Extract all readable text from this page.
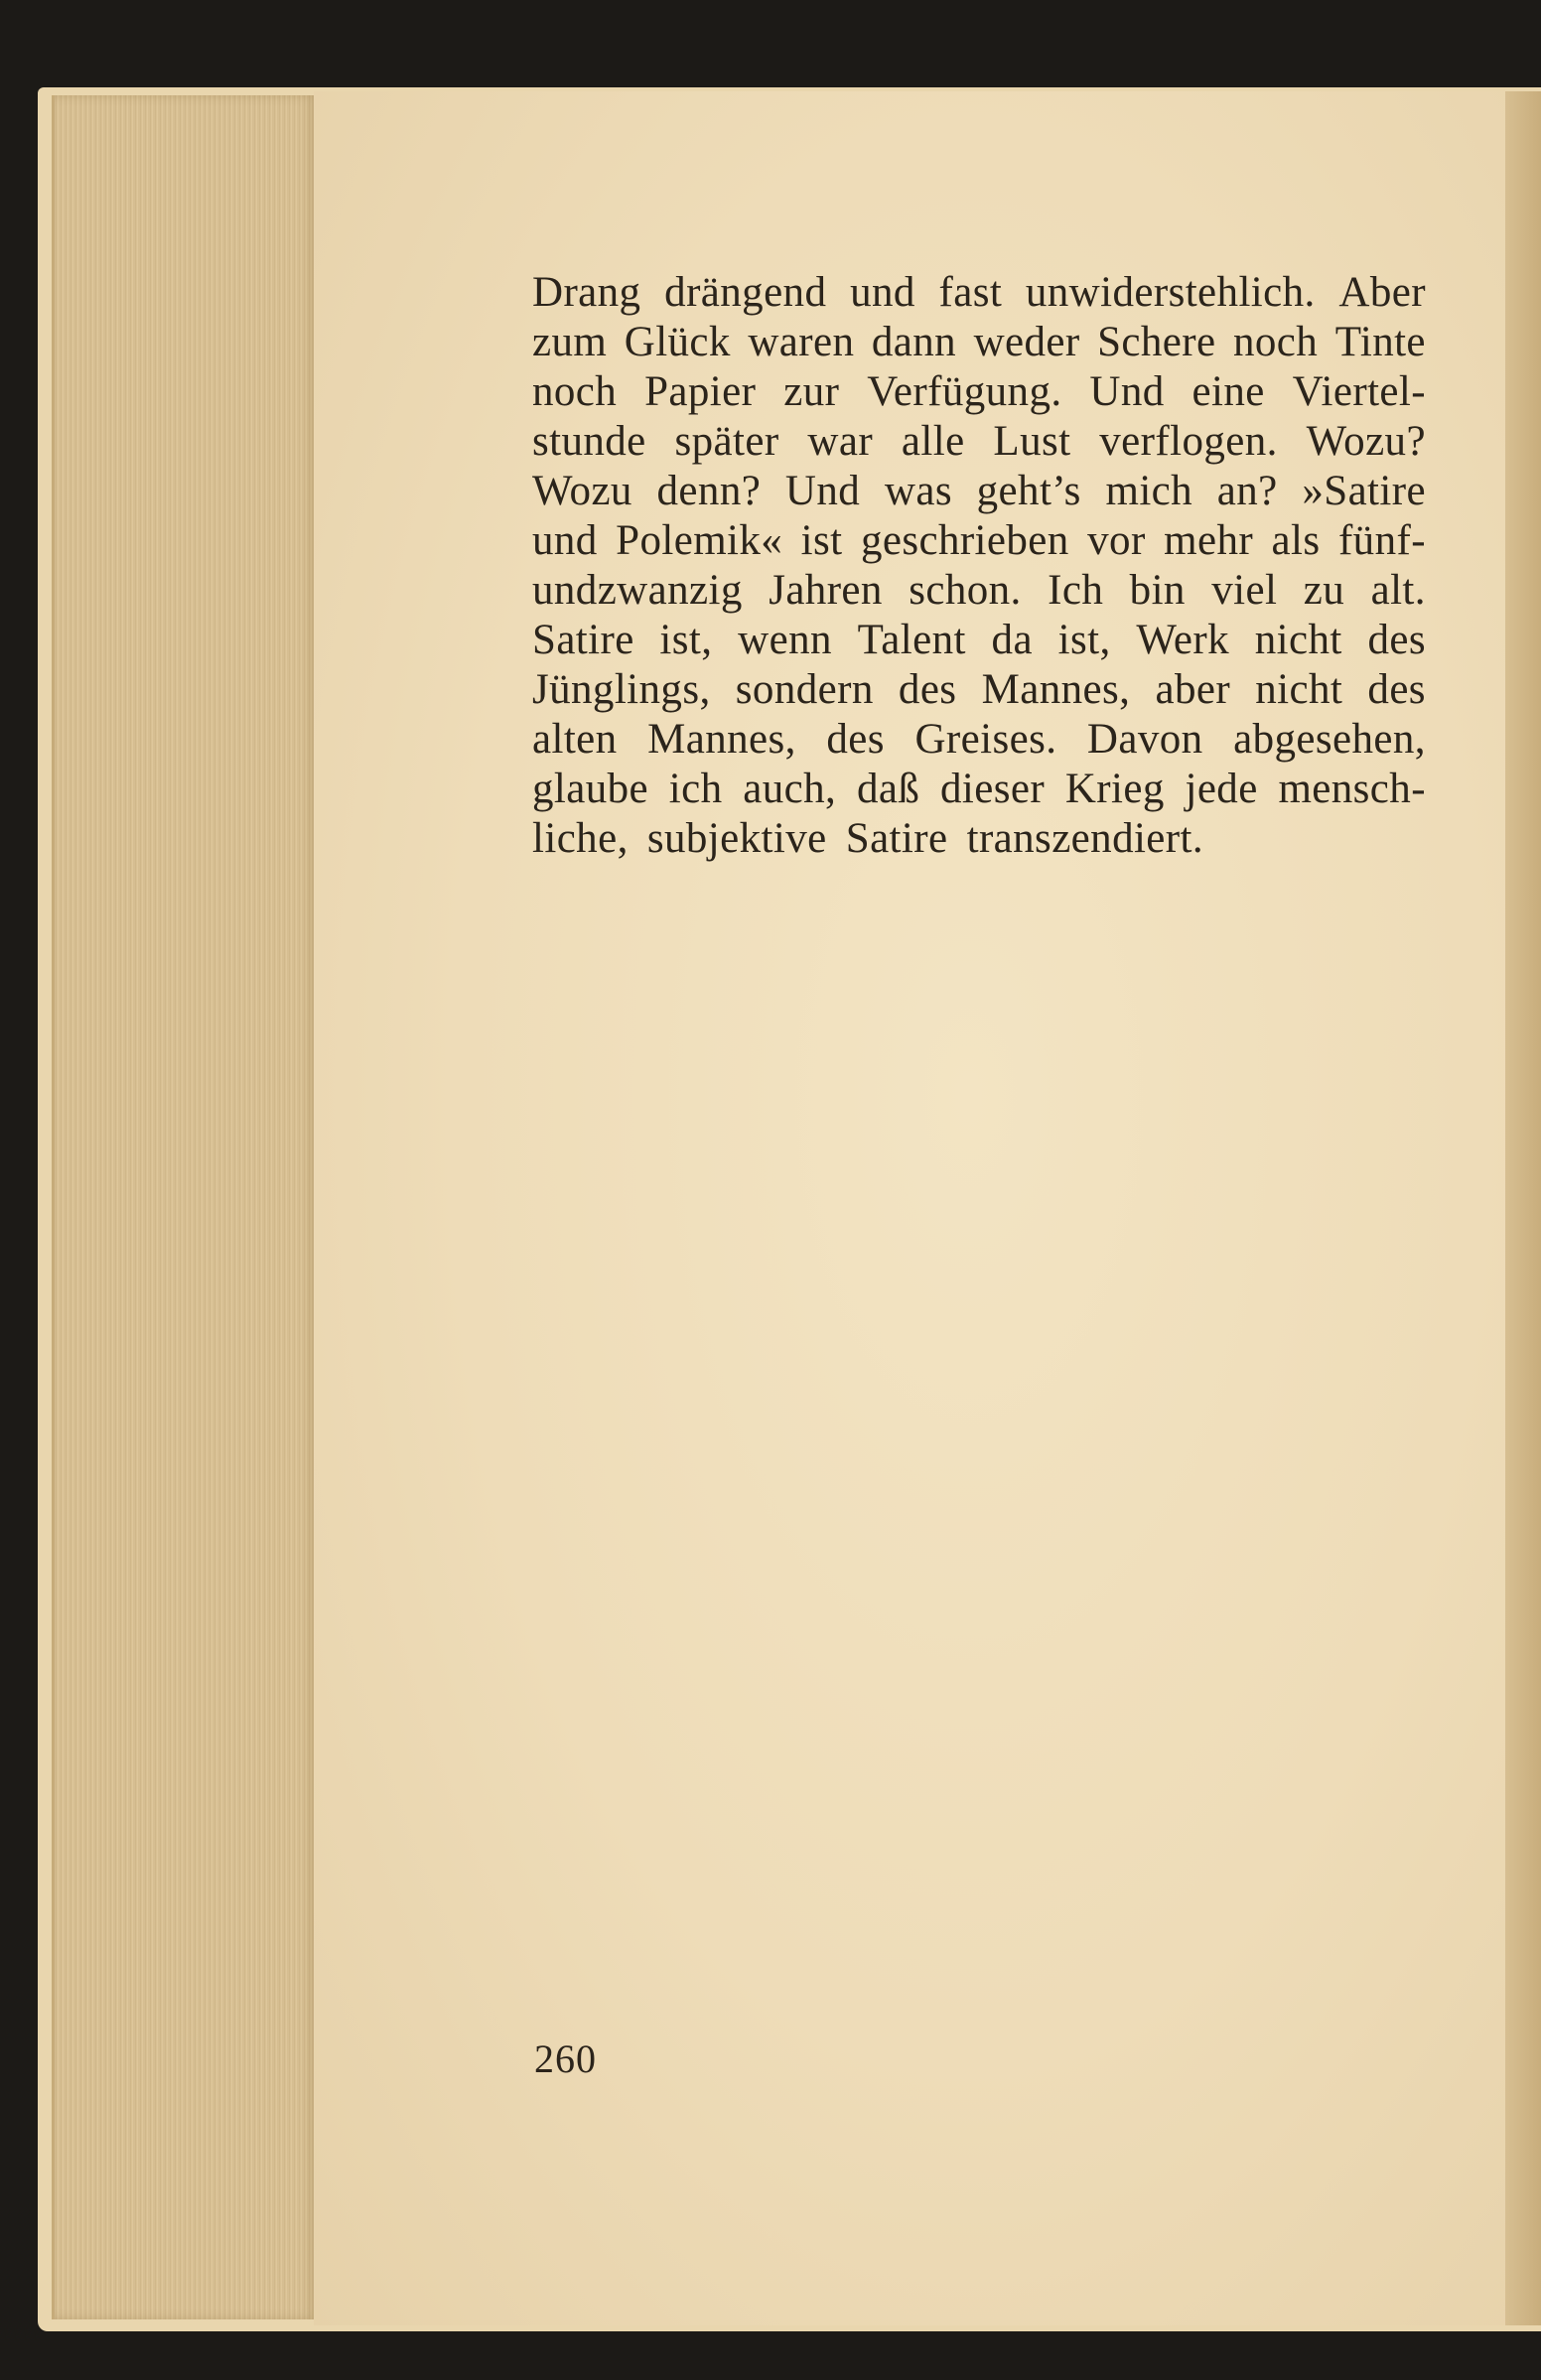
Drang drängend und fast unwiderstehlich. Aber
zum Glück waren dann weder Schere noch Tinte
noch Papier zur Verfügung. Und eine Viertel-
stunde später war alle Lust verflogen. Wozu?
Wozu denn? Und was geht’s mich an? »Satire
und Polemik« ist geschrieben vor mehr als fünf-
undzwanzig Jahren schon. Ich bin viel zu alt.
Satire ist, wenn Talent da ist, Werk nicht des
Jünglings, sondern des Mannes, aber nicht des
alten Mannes, des Greises. Davon abgesehen,
glaube ich auch, daß dieser Krieg jede mensch-
liche, subjektive Satire transzendiert.
260
